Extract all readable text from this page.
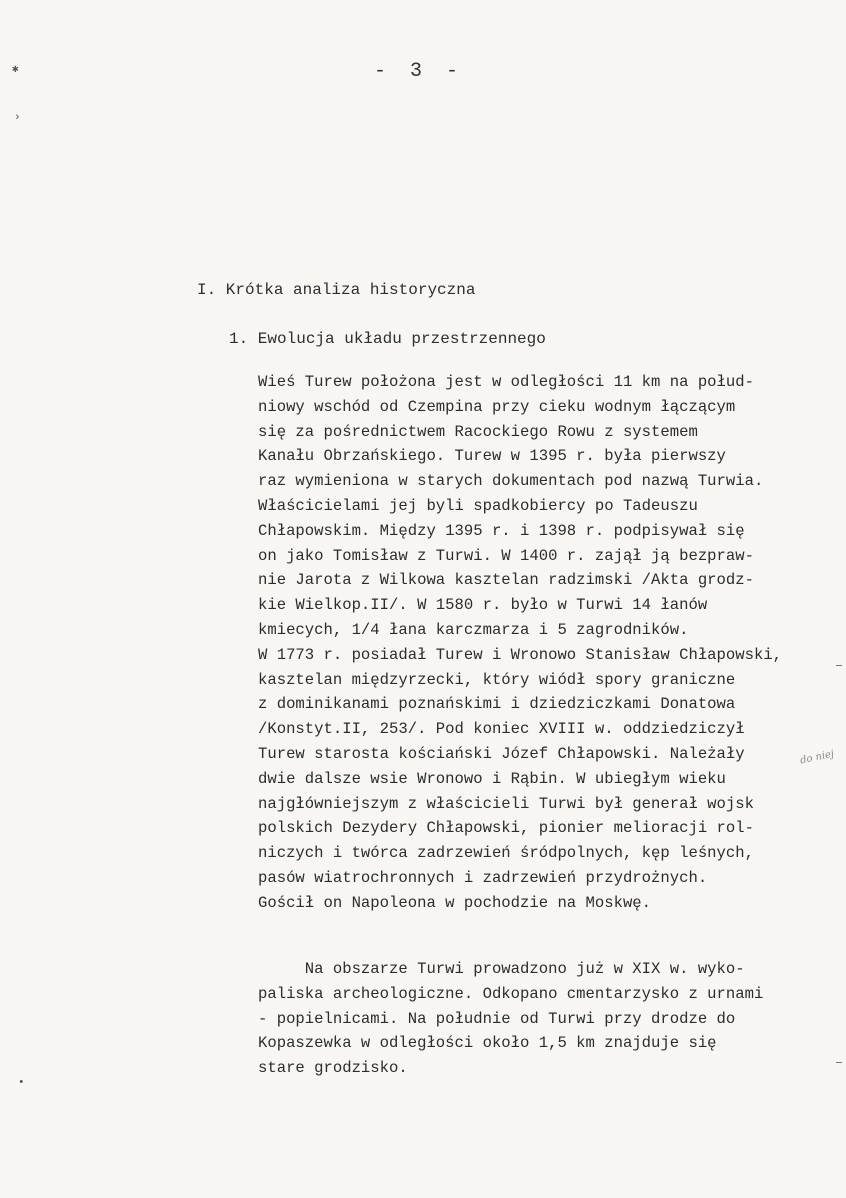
✱
›
•
- 3 -
I. Krótka analiza historyczna
1. Ewolucja układu przestrzennego
Wieś Turew położona jest w odległości 11 km na połud-
niowy wschód od Czempina przy cieku wodnym łączącym
się za pośrednictwem Racockiego Rowu z systemem
Kanału Obrzańskiego. Turew w 1395 r. była pierwszy
raz wymieniona w starych dokumentach pod nazwą Turwia.
Właścicielami jej byli spadkobiercy po Tadeuszu
Chłapowskim. Między 1395 r. i 1398 r. podpisywał się
on jako Tomisław z Turwi. W 1400 r. zajął ją bezpraw-
nie Jarota z Wilkowa kasztelan radzimski /Akta grodz-
kie Wielkop.II/. W 1580 r. było w Turwi 14 łanów
kmiecych, 1/4 łana karczmarza i 5 zagrodników.
W 1773 r. posiadał Turew i Wronowo Stanisław Chłapowski,
kasztelan międzyrzecki, który wiódł spory graniczne
z dominikanami poznańskimi i dziedziczkami Donatowa
/Konstyt.II, 253/. Pod koniec XVIII w. oddziedziczył
Turew starosta kościański Józef Chłapowski. Należały
dwie dalsze wsie Wronowo i Rąbin. W ubiegłym wieku
najgłówniejszym z właścicieli Turwi był generał wojsk
polskich Dezydery Chłapowski, pionier melioracji rol-
niczych i twórca zadrzewień śródpolnych, kęp leśnych,
pasów wiatrochronnych i zadrzewień przydrożnych.
Gościł on Napoleona w pochodzie na Moskwę.
do niej
Na obszarze Turwi prowadzono już w XIX w. wyko-
paliska archeologiczne. Odkopano cmentarzysko z urnami
- popielnicami. Na południe od Turwi przy drodze do
Kopaszewka w odległości około 1,5 km znajduje się
stare grodzisko.
